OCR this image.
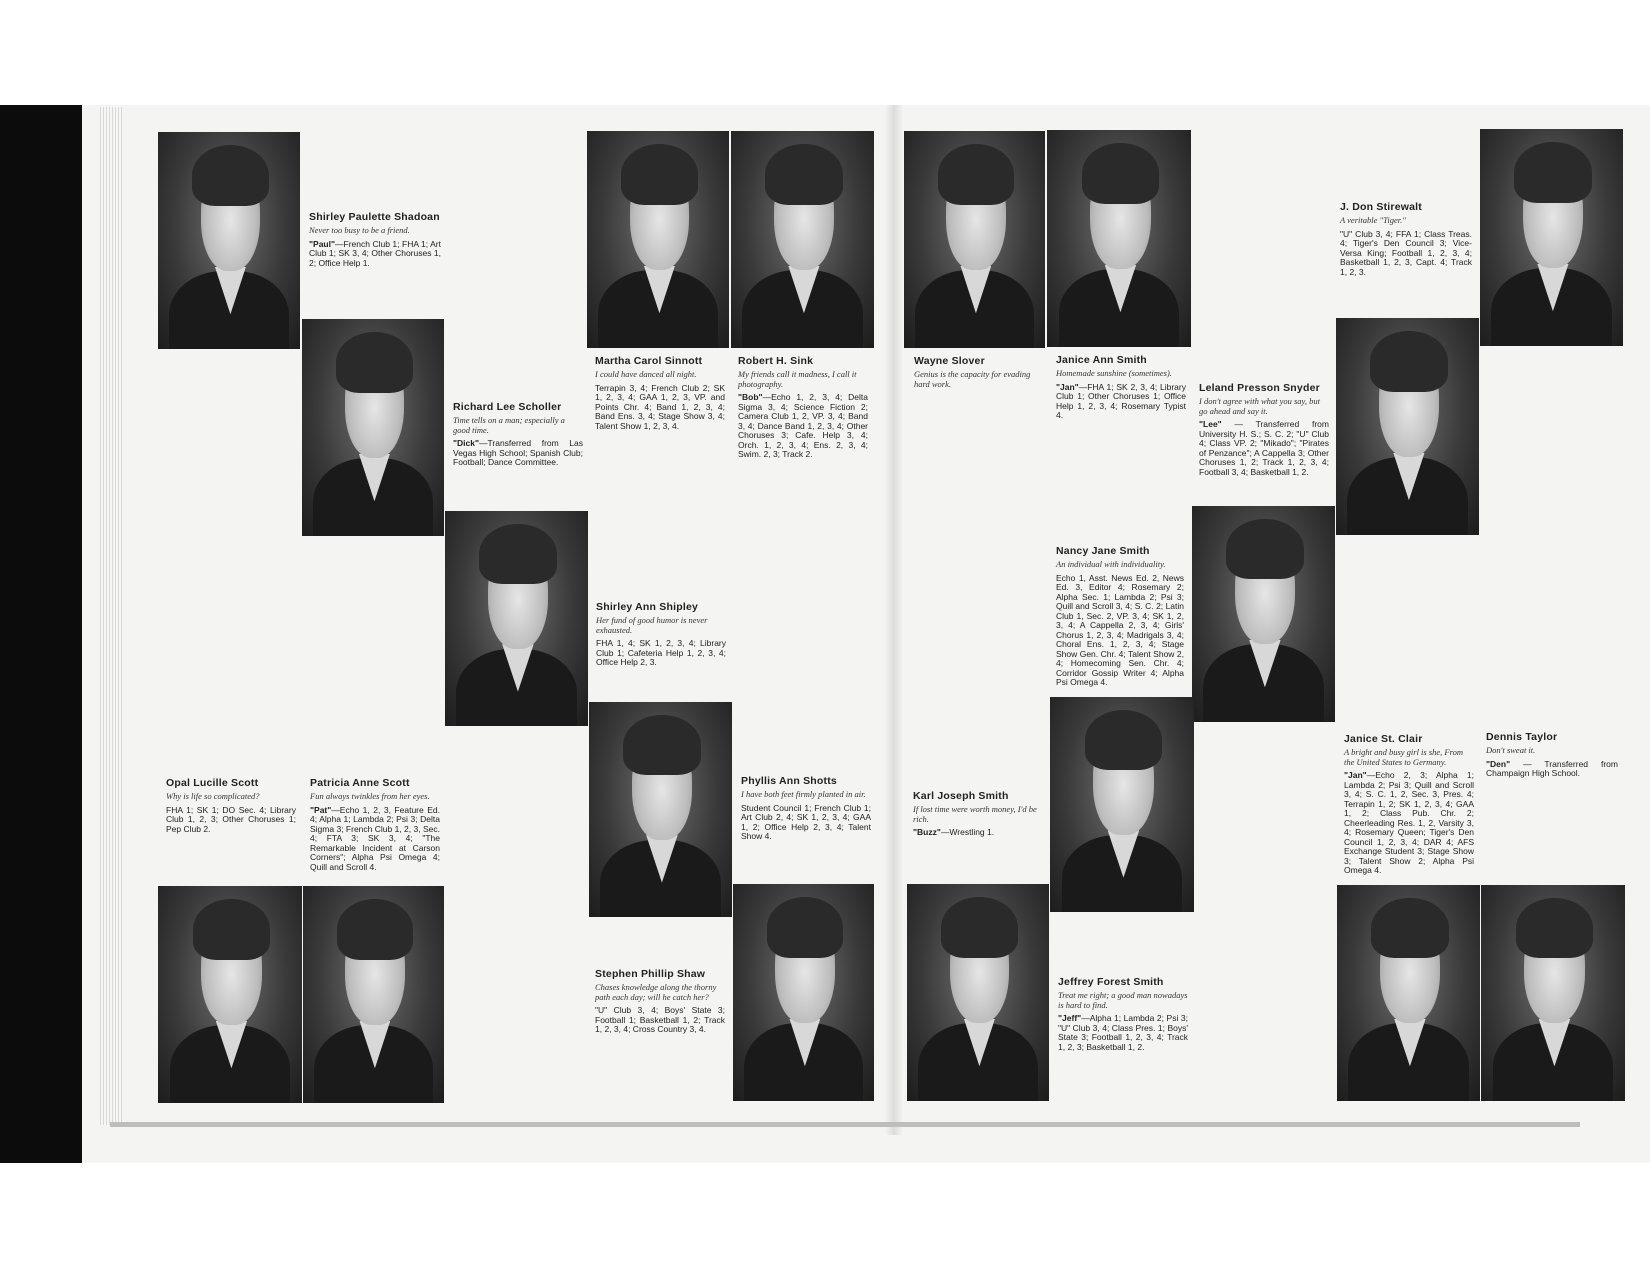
Shirley Paulette Shadoan

Never too busy to be a friend.

"Paul"—French Club 1; FHA 1; Art Club 1; SK 3, 4; Other Choruses 1, 2; Office Help 1.

Richard Lee Scholler

Time tells on a man; especially a good time.

"Dick"—Transferred from Las Vegas High School; Spanish Club; Football; Dance Committee.

Martha Carol Sinnott

I could have danced all night.

Terrapin 3, 4; French Club 2; SK 1, 2, 3, 4; GAA 1, 2, 3, VP. and Points Chr. 4; Band 1, 2, 3, 4; Band Ens. 3, 4; Stage Show 3, 4; Talent Show 1, 2, 3, 4.

Robert H. Sink

My friends call it madness, I call it photography.

"Bob"—Echo 1, 2, 3, 4; Delta Sigma 3, 4; Science Fiction 2; Camera Club 1, 2, VP. 3, 4; Band 3, 4; Dance Band 1, 2, 3, 4; Other Choruses 3; Cafe. Help 3, 4; Orch. 1, 2, 3, 4; Ens. 2, 3, 4; Swim. 2, 3; Track 2.

Wayne Slover

Genius is the capacity for evading hard work.

Janice Ann Smith

Homemade sunshine (sometimes).

"Jan"—FHA 1; SK 2, 3, 4; Library Club 1; Other Choruses 1; Office Help 1, 2, 3, 4; Rosemary Typist 4.

J. Don Stirewalt

A veritable "Tiger."

"U" Club 3, 4; FFA 1; Class Treas. 4; Tiger's Den Council 3; Vice-Versa King; Football 1, 2, 3, 4; Basketball 1, 2, 3, Capt. 4; Track 1, 2, 3.

Leland Presson Snyder

I don't agree with what you say, but go ahead and say it.

"Lee" — Transferred from University H. S.; S. C. 2; "U" Club 4; Class VP. 2; "Mikado"; "Pirates of Penzance"; A Cappella 3; Other Choruses 1, 2; Track 1, 2, 3, 4; Football 3, 4; Basketball 1, 2.

Shirley Ann Shipley

Her fund of good humor is never exhausted.

FHA 1, 4; SK 1, 2, 3, 4; Library Club 1; Cafeteria Help 1, 2, 3, 4; Office Help 2, 3.

Nancy Jane Smith

An individual with individuality.

Echo 1, Asst. News Ed. 2, News Ed. 3, Editor 4; Rosemary 2; Alpha Sec. 1; Lambda 2; Psi 3; Quill and Scroll 3, 4; S. C. 2; Latin Club 1, Sec. 2, VP. 3, 4; SK 1, 2, 3, 4; A Cappella 2, 3, 4; Girls' Chorus 1, 2, 3, 4; Madrigals 3, 4; Choral Ens. 1, 2, 3, 4; Stage Show Gen. Chr. 4; Talent Show 2, 4; Homecoming Sen. Chr. 4; Corridor Gossip Writer 4; Alpha Psi Omega 4.

Opal Lucille Scott

Why is life so complicated?

FHA 1; SK 1; DO Sec. 4; Library Club 1, 2, 3; Other Choruses 1; Pep Club 2.

Patricia Anne Scott

Fun always twinkles from her eyes.

"Pat"—Echo 1, 2, 3, Feature Ed. 4; Alpha 1; Lambda 2; Psi 3; Delta Sigma 3; French Club 1, 2, 3, Sec. 4; FTA 3; SK 3, 4; "The Remarkable Incident at Carson Corners"; Alpha Psi Omega 4; Quill and Scroll 4.

Phyllis Ann Shotts

I have both feet firmly planted in air.

Student Council 1; French Club 1; Art Club 2, 4; SK 1, 2, 3, 4; GAA 1, 2; Office Help 2, 3, 4; Talent Show 4.

Karl Joseph Smith

If lost time were worth money, I'd be rich.

"Buzz"—Wrestling 1.

Janice St. Clair

A bright and busy girl is she, From the United States to Germany.

"Jan"—Echo 2, 3; Alpha 1; Lambda 2; Psi 3; Quill and Scroll 3, 4; S. C. 1, 2, Sec. 3, Pres. 4; Terrapin 1, 2; SK 1, 2, 3, 4; GAA 1, 2; Class Pub. Chr. 2; Cheerleading Res. 1, 2, Varsity 3, 4; Rosemary Queen; Tiger's Den Council 1, 2, 3, 4; DAR 4; AFS Exchange Student 3; Stage Show 3; Talent Show 2; Alpha Psi Omega 4.

Dennis Taylor

Don't sweat it.

"Den" — Transferred from Champaign High School.

Stephen Phillip Shaw

Chases knowledge along the thorny path each day; will he catch her?

"U" Club 3, 4; Boys' State 3; Football 1; Basketball 1, 2; Track 1, 2, 3, 4; Cross Country 3, 4.

Jeffrey Forest Smith

Treat me right; a good man nowadays is hard to find.

"Jeff"—Alpha 1; Lambda 2; Psi 3; "U" Club 3, 4; Class Pres. 1; Boys' State 3; Football 1, 2, 3, 4; Track 1, 2, 3; Basketball 1, 2.
